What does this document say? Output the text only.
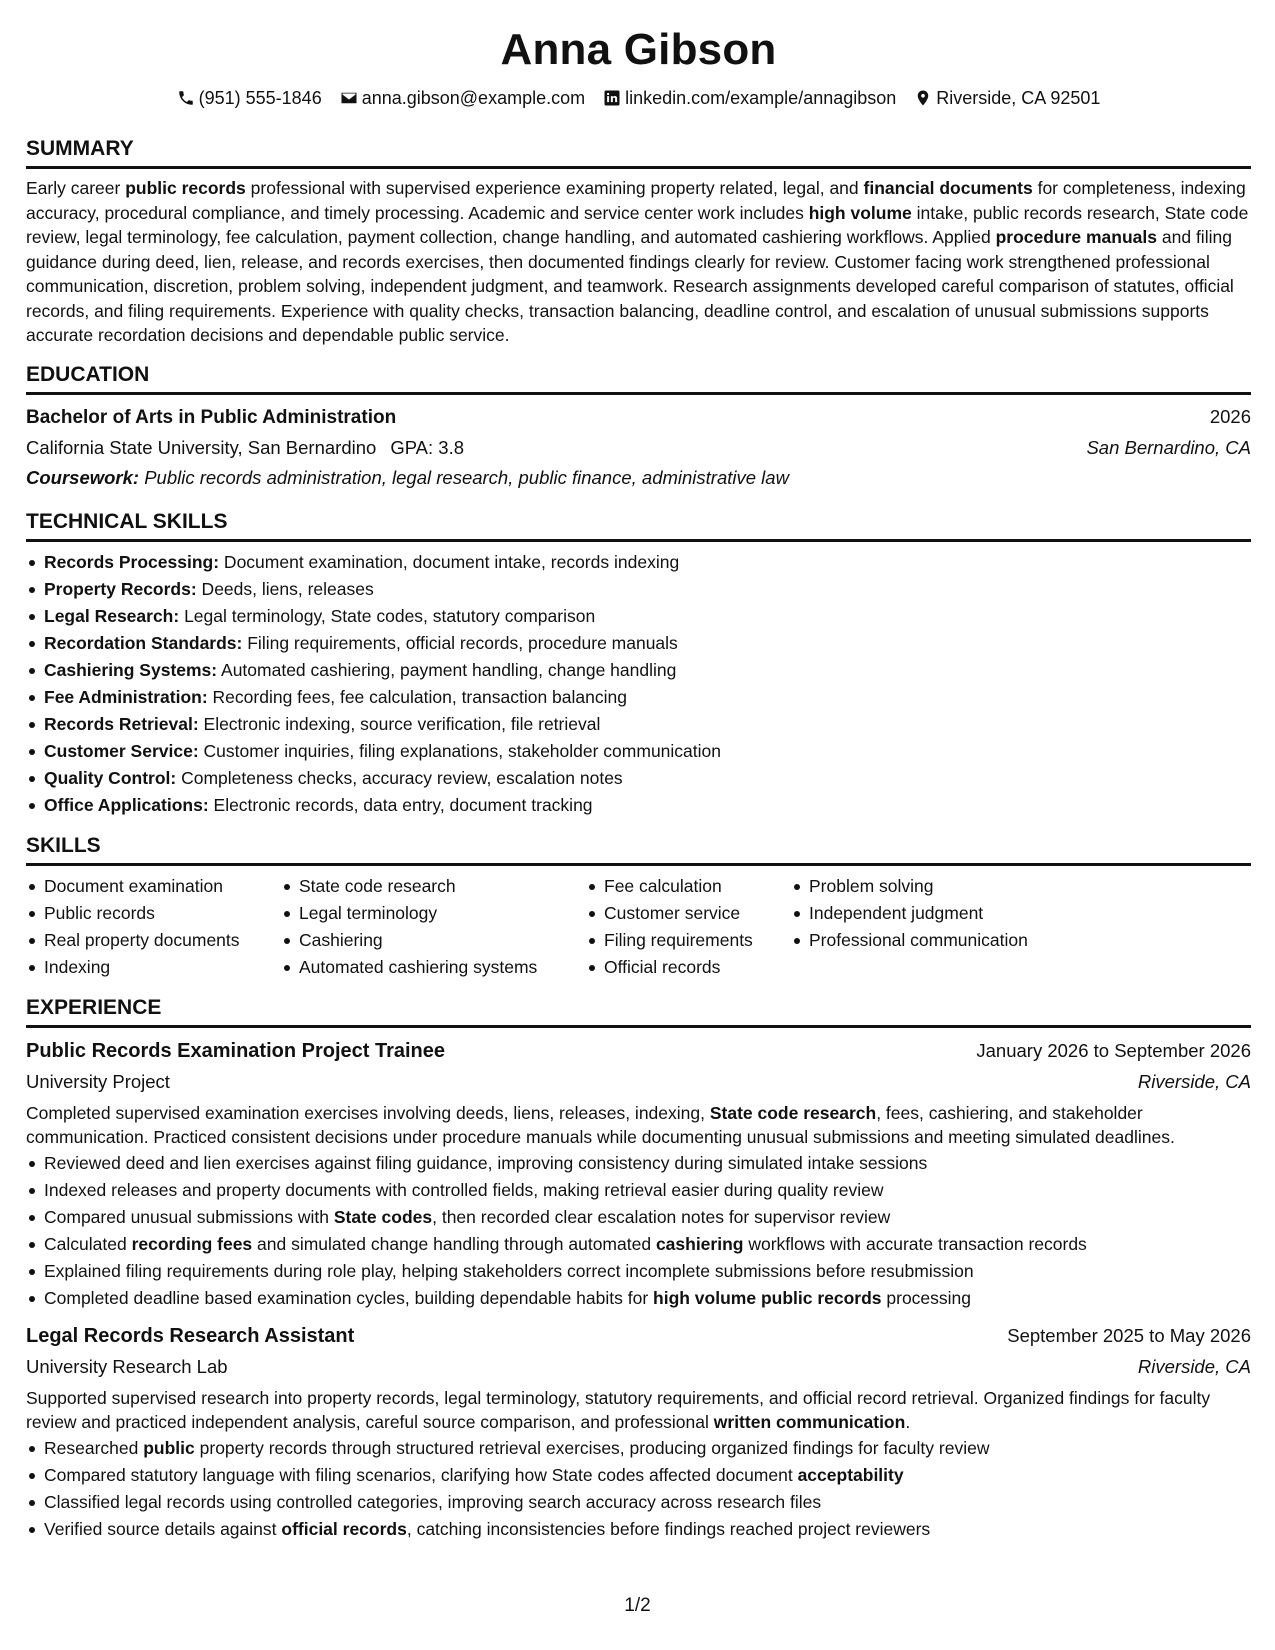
Anna Gibson
(951) 555-1846 anna.gibson@example.com linkedin.com/example/annagibson Riverside, CA 92501
SUMMARY

Early career public records professional with supervised experience examining property related, legal, and financial documents for completeness, indexing accuracy, procedural compliance, and timely processing. Academic and service center work includes high volume intake, public records research, State code review, legal terminology, fee calculation, payment collection, change handling, and automated cashiering workflows. Applied procedure manuals and filing guidance during deed, lien, release, and records exercises, then documented findings clearly for review. Customer facing work strengthened professional communication, discretion, problem solving, independent judgment, and teamwork. Research assignments developed careful comparison of statutes, official records, and filing requirements. Experience with quality checks, transaction balancing, deadline control, and escalation of unusual submissions supports accurate recordation decisions and dependable public service.

EDUCATION
Bachelor of Arts in Public Administration	2026
California State University, San Bernardino GPA: 3.8	San Bernardino, CA
Coursework: Public records administration, legal research, public finance, administrative law
TECHNICAL SKILLS
Records Processing: Document examination, document intake, records indexing
Property Records: Deeds, liens, releases
Legal Research: Legal terminology, State codes, statutory comparison
Recordation Standards: Filing requirements, official records, procedure manuals
Cashiering Systems: Automated cashiering, payment handling, change handling
Fee Administration: Recording fees, fee calculation, transaction balancing
Records Retrieval: Electronic indexing, source verification, file retrieval
Customer Service: Customer inquiries, filing explanations, stakeholder communication
Quality Control: Completeness checks, accuracy review, escalation notes
Office Applications: Electronic records, data entry, document tracking
SKILLS
Document examination
Public records
Real property documents
Indexing
State code research
Legal terminology
Cashiering
Automated cashiering systems
Fee calculation
Customer service
Filing requirements
Official records
Problem solving
Independent judgment
Professional communication
EXPERIENCE
Public Records Examination Project Trainee	January 2026 to September 2026
University Project	Riverside, CA

Completed supervised examination exercises involving deeds, liens, releases, indexing, State code research, fees, cashiering, and stakeholder communication. Practiced consistent decisions under procedure manuals while documenting unusual submissions and meeting simulated deadlines.

Reviewed deed and lien exercises against filing guidance, improving consistency during simulated intake sessions
Indexed releases and property documents with controlled fields, making retrieval easier during quality review
Compared unusual submissions with State codes, then recorded clear escalation notes for supervisor review
Calculated recording fees and simulated change handling through automated cashiering workflows with accurate transaction records
Explained filing requirements during role play, helping stakeholders correct incomplete submissions before resubmission
Completed deadline based examination cycles, building dependable habits for high volume public records processing
Legal Records Research Assistant	September 2025 to May 2026
University Research Lab	Riverside, CA

Supported supervised research into property records, legal terminology, statutory requirements, and official record retrieval. Organized findings for faculty review and practiced independent analysis, careful source comparison, and professional written communication.

Researched public property records through structured retrieval exercises, producing organized findings for faculty review
Compared statutory language with filing scenarios, clarifying how State codes affected document acceptability
Classified legal records using controlled categories, improving search accuracy across research files
Verified source details against official records, catching inconsistencies before findings reached project reviewers
1/2
